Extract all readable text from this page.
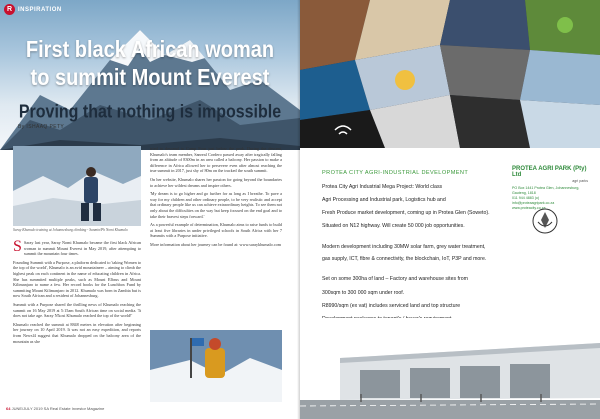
R INSPIRATION
First black African woman
to summit Mount Everest
Proving that nothing is impossible
By ISHAAQ PETY
Saray Khumalo training at Johannesburg climbing - Sanmin/Ph Nomi Khumalo

S Saray last year, Saray Nomi Khumalo became the first black African woman to summit Mount Everest in May 2019, after attempting to summit the mountain four times.

Founding Summit with a Purpose, a platform dedicated to 'taking Women to the top of the world', Khumalo is an avid mountaineer – aiming to climb the highest peak on each continent in the name of educating children in Africa. She has summited multiple peaks, such as Mount Elbrus and Mount Kilimanjaro to name a few. Her record books for the Lunchbox Fund by summiting Mount Kilimanjaro in 2012. Khumalo was born in Zambia but is now South African and a resident of Johannesburg.

Summit with a Purpose shared the thrilling news of Khumalo reaching the summit on 16 May 2019 at 5:15am South African time on social media. 'It does not take age. Saray N'kosi Khumalo reached the top of the world!'

Khumalo reached the summit at 8848 metres in elevation after beginning her journey on 10 April 2019. It was not an easy expedition, and reports from Newsl4 suggest that Khumalo dropped on the balcony area of the mountain as she

tried to descend to Camp Four just below the peak. During the descent, Khumalo's team member, Sanreal Cordero passed away after tragically falling from an altitude of 8300m in an area called a balcony. Her passion to make a difference in Africa allowed her to persevere even after almost reaching the true summit in 2017, just shy of 80m on the tracked the south summit.

On her website, Khumalo shares her passion for going beyond the boundaries to achieve her wildest dreams and inspire others.

'My dream is to go higher and go further for as long as I breathe. To pave a way for my children and other ordinary people, to be very realistic and accept that ordinary people like us can achieve extraordinary heights. To see them not only about the difficulties on the way but keep focused on the end goal and to take their bravest steps forward.'

As a powerful example of determination, Khumalo aims to raise funds to build at least five libraries in under privileged schools in South Africa with her 7 Summits with a Purpose initiative.

More information about her journey can be found at: www.saraykhumalo.com

64 JUNE/JULY 2019 SA Real Estate Investor Magazine
PROTEA CITY AGRI-INDUSTRIAL DEVELOPMENT
PROTEA AGRI PARK (Pty) Ltd
agri parks
PO Box 1441 Protea Glen, Johannesburg, Gauteng, 1818
011 944 4883 (o)
info@proteaagripark.co.za
www.proteacity.co.za
Protea City Agri Industrial Mega Project: World class
Agri Processing and Industrial park, Logistics hub and
Fresh Produce market development, coming up in Protea Glen (Soweto).
Situated on N12 highway. Will create 50 000 job opportunities.
Modern development including 30MW solar farm, grey water treatment,
gas supply, ICT, fibre & connectivity, the blockchain, IoT, P3P and more.
Set on some 300ha of land – Factory and warehouse sites from
300sqm to 300 000 sqm under roof.
R8990/sqm (ex vat) includes serviced land and top structure
